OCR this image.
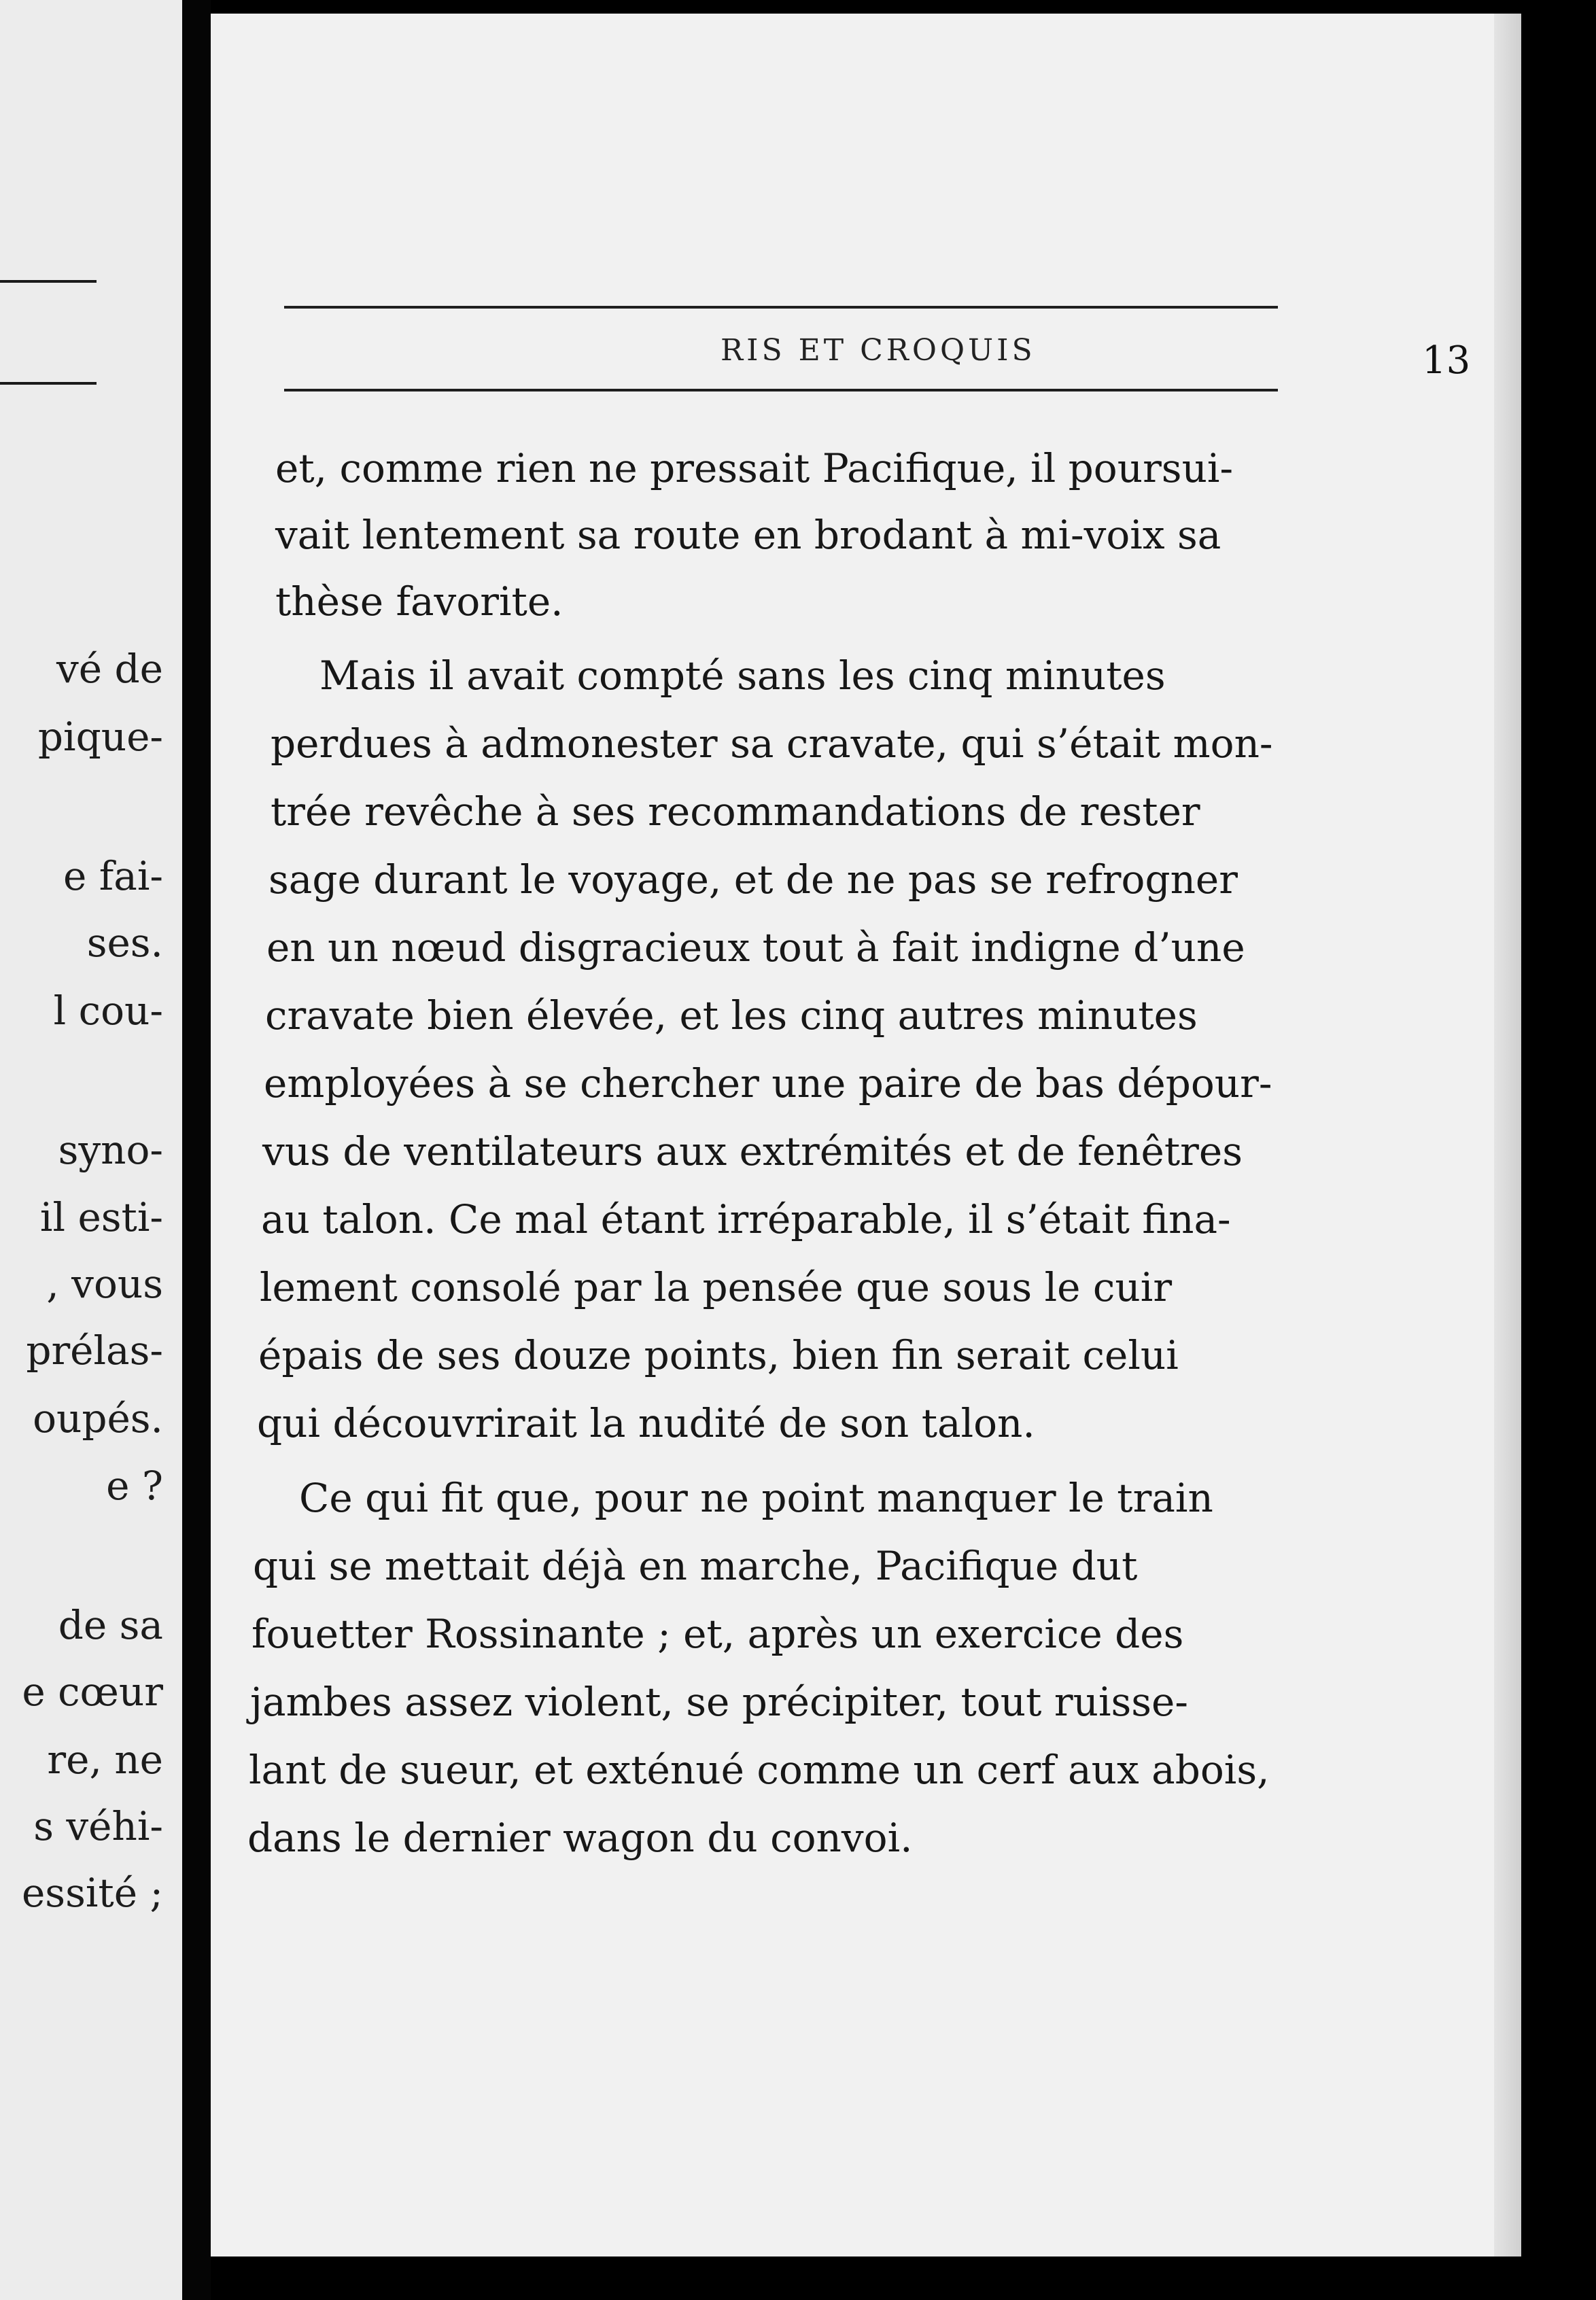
vé de
pique-
e fai-
ses.
l cou-
syno-
il esti-
, vous
prélas-
oupés.
e ?
de sa
e cœur
re, ne
s véhi-
essité ;
RIS ET CROQUIS	13
et, comme rien ne pressait Pacifique, il poursui-
vait lentement sa route en brodant à mi-voix sa
thèse favorite.
Mais il avait compté sans les cinq minutes
perdues à admonester sa cravate, qui s’était mon-
trée revêche à ses recommandations de rester
sage durant le voyage, et de ne pas se refrogner
en un nœud disgracieux tout à fait indigne d’une
cravate bien élevée, et les cinq autres minutes
employées à se chercher une paire de bas dépour-
vus de ventilateurs aux extrémités et de fenêtres
au talon. Ce mal étant irréparable, il s’était fina-
lement consolé par la pensée que sous le cuir
épais de ses douze points, bien fin serait celui
qui découvrirait la nudité de son talon.
Ce qui fit que, pour ne point manquer le train
qui se mettait déjà en marche, Pacifique dut
fouetter Rossinante ; et, après un exercice des
jambes assez violent, se précipiter, tout ruisse-
lant de sueur, et exténué comme un cerf aux abois,
dans le dernier wagon du convoi.
